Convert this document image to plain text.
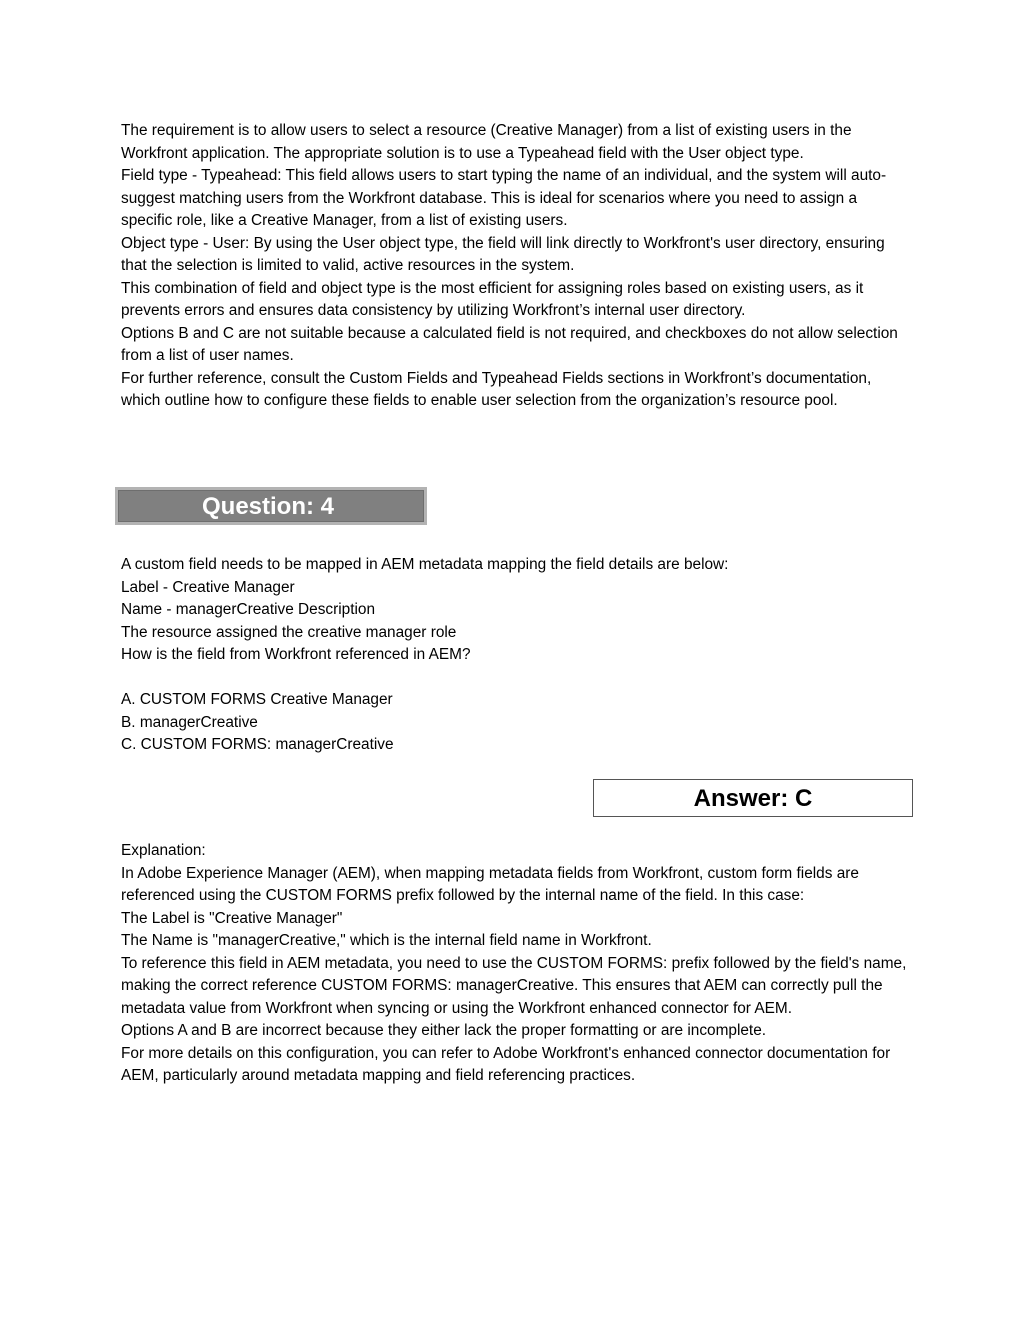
The requirement is to allow users to select a resource (Creative Manager) from a list of existing users in the Workfront application. The appropriate solution is to use a Typeahead field with the User object type.

Field type - Typeahead: This field allows users to start typing the name of an individual, and the system will auto-suggest matching users from the Workfront database. This is ideal for scenarios where you need to assign a specific role, like a Creative Manager, from a list of existing users.

Object type - User: By using the User object type, the field will link directly to Workfront's user directory, ensuring that the selection is limited to valid, active resources in the system.

This combination of field and object type is the most efficient for assigning roles based on existing users, as it prevents errors and ensures data consistency by utilizing Workfront’s internal user directory.

Options B and C are not suitable because a calculated field is not required, and checkboxes do not allow selection from a list of user names.

For further reference, consult the Custom Fields and Typeahead Fields sections in Workfront’s documentation, which outline how to configure these fields to enable user selection from the organization’s resource pool.

Question: 4

A custom field needs to be mapped in AEM metadata mapping the field details are below:

Label - Creative Manager

Name - managerCreative Description

The resource assigned the creative manager role

How is the field from Workfront referenced in AEM?

A. CUSTOM FORMS Creative Manager

B. managerCreative

C. CUSTOM FORMS: managerCreative

Answer: C

Explanation:

In Adobe Experience Manager (AEM), when mapping metadata fields from Workfront, custom form fields are referenced using the CUSTOM FORMS prefix followed by the internal name of the field. In this case:

The Label is "Creative Manager"

The Name is "managerCreative," which is the internal field name in Workfront.

To reference this field in AEM metadata, you need to use the CUSTOM FORMS: prefix followed by the field's name, making the correct reference CUSTOM FORMS: managerCreative. This ensures that AEM can correctly pull the metadata value from Workfront when syncing or using the Workfront enhanced connector for AEM.

Options A and B are incorrect because they either lack the proper formatting or are incomplete.

For more details on this configuration, you can refer to Adobe Workfront's enhanced connector documentation for AEM, particularly around metadata mapping and field referencing practices.
